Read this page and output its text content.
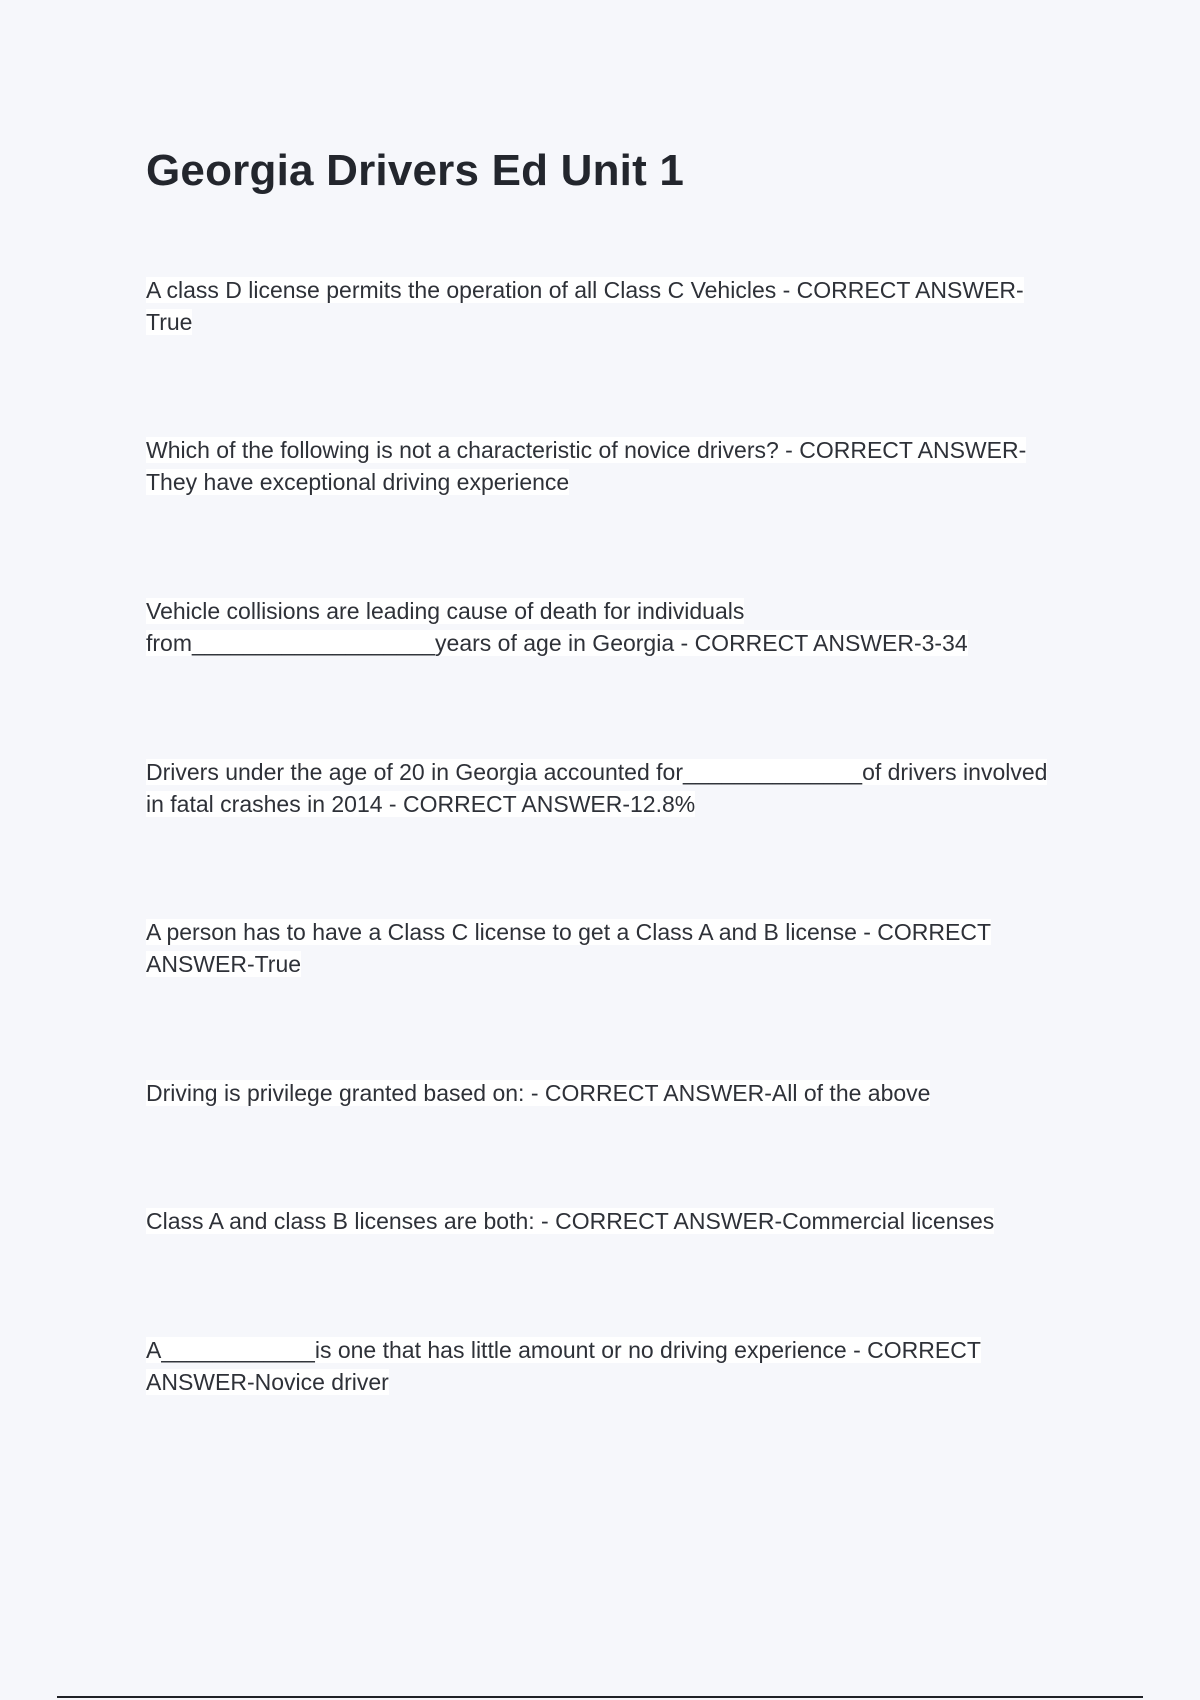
Georgia Drivers Ed Unit 1

A class D license permits the operation of all Class C Vehicles - CORRECT ANSWER-True

Which of the following is not a characteristic of novice drivers? - CORRECT ANSWER-They have exceptional driving experience

Vehicle collisions are leading cause of death for individuals from___________________years of age in Georgia - CORRECT ANSWER-3-34

Drivers under the age of 20 in Georgia accounted for______________of drivers involved in fatal crashes in 2014 - CORRECT ANSWER-12.8%

A person has to have a Class C license to get a Class A and B license - CORRECT ANSWER-True

Driving is privilege granted based on: - CORRECT ANSWER-All of the above

Class A and class B licenses are both: - CORRECT ANSWER-Commercial licenses

A____________is one that has little amount or no driving experience - CORRECT ANSWER-Novice driver
